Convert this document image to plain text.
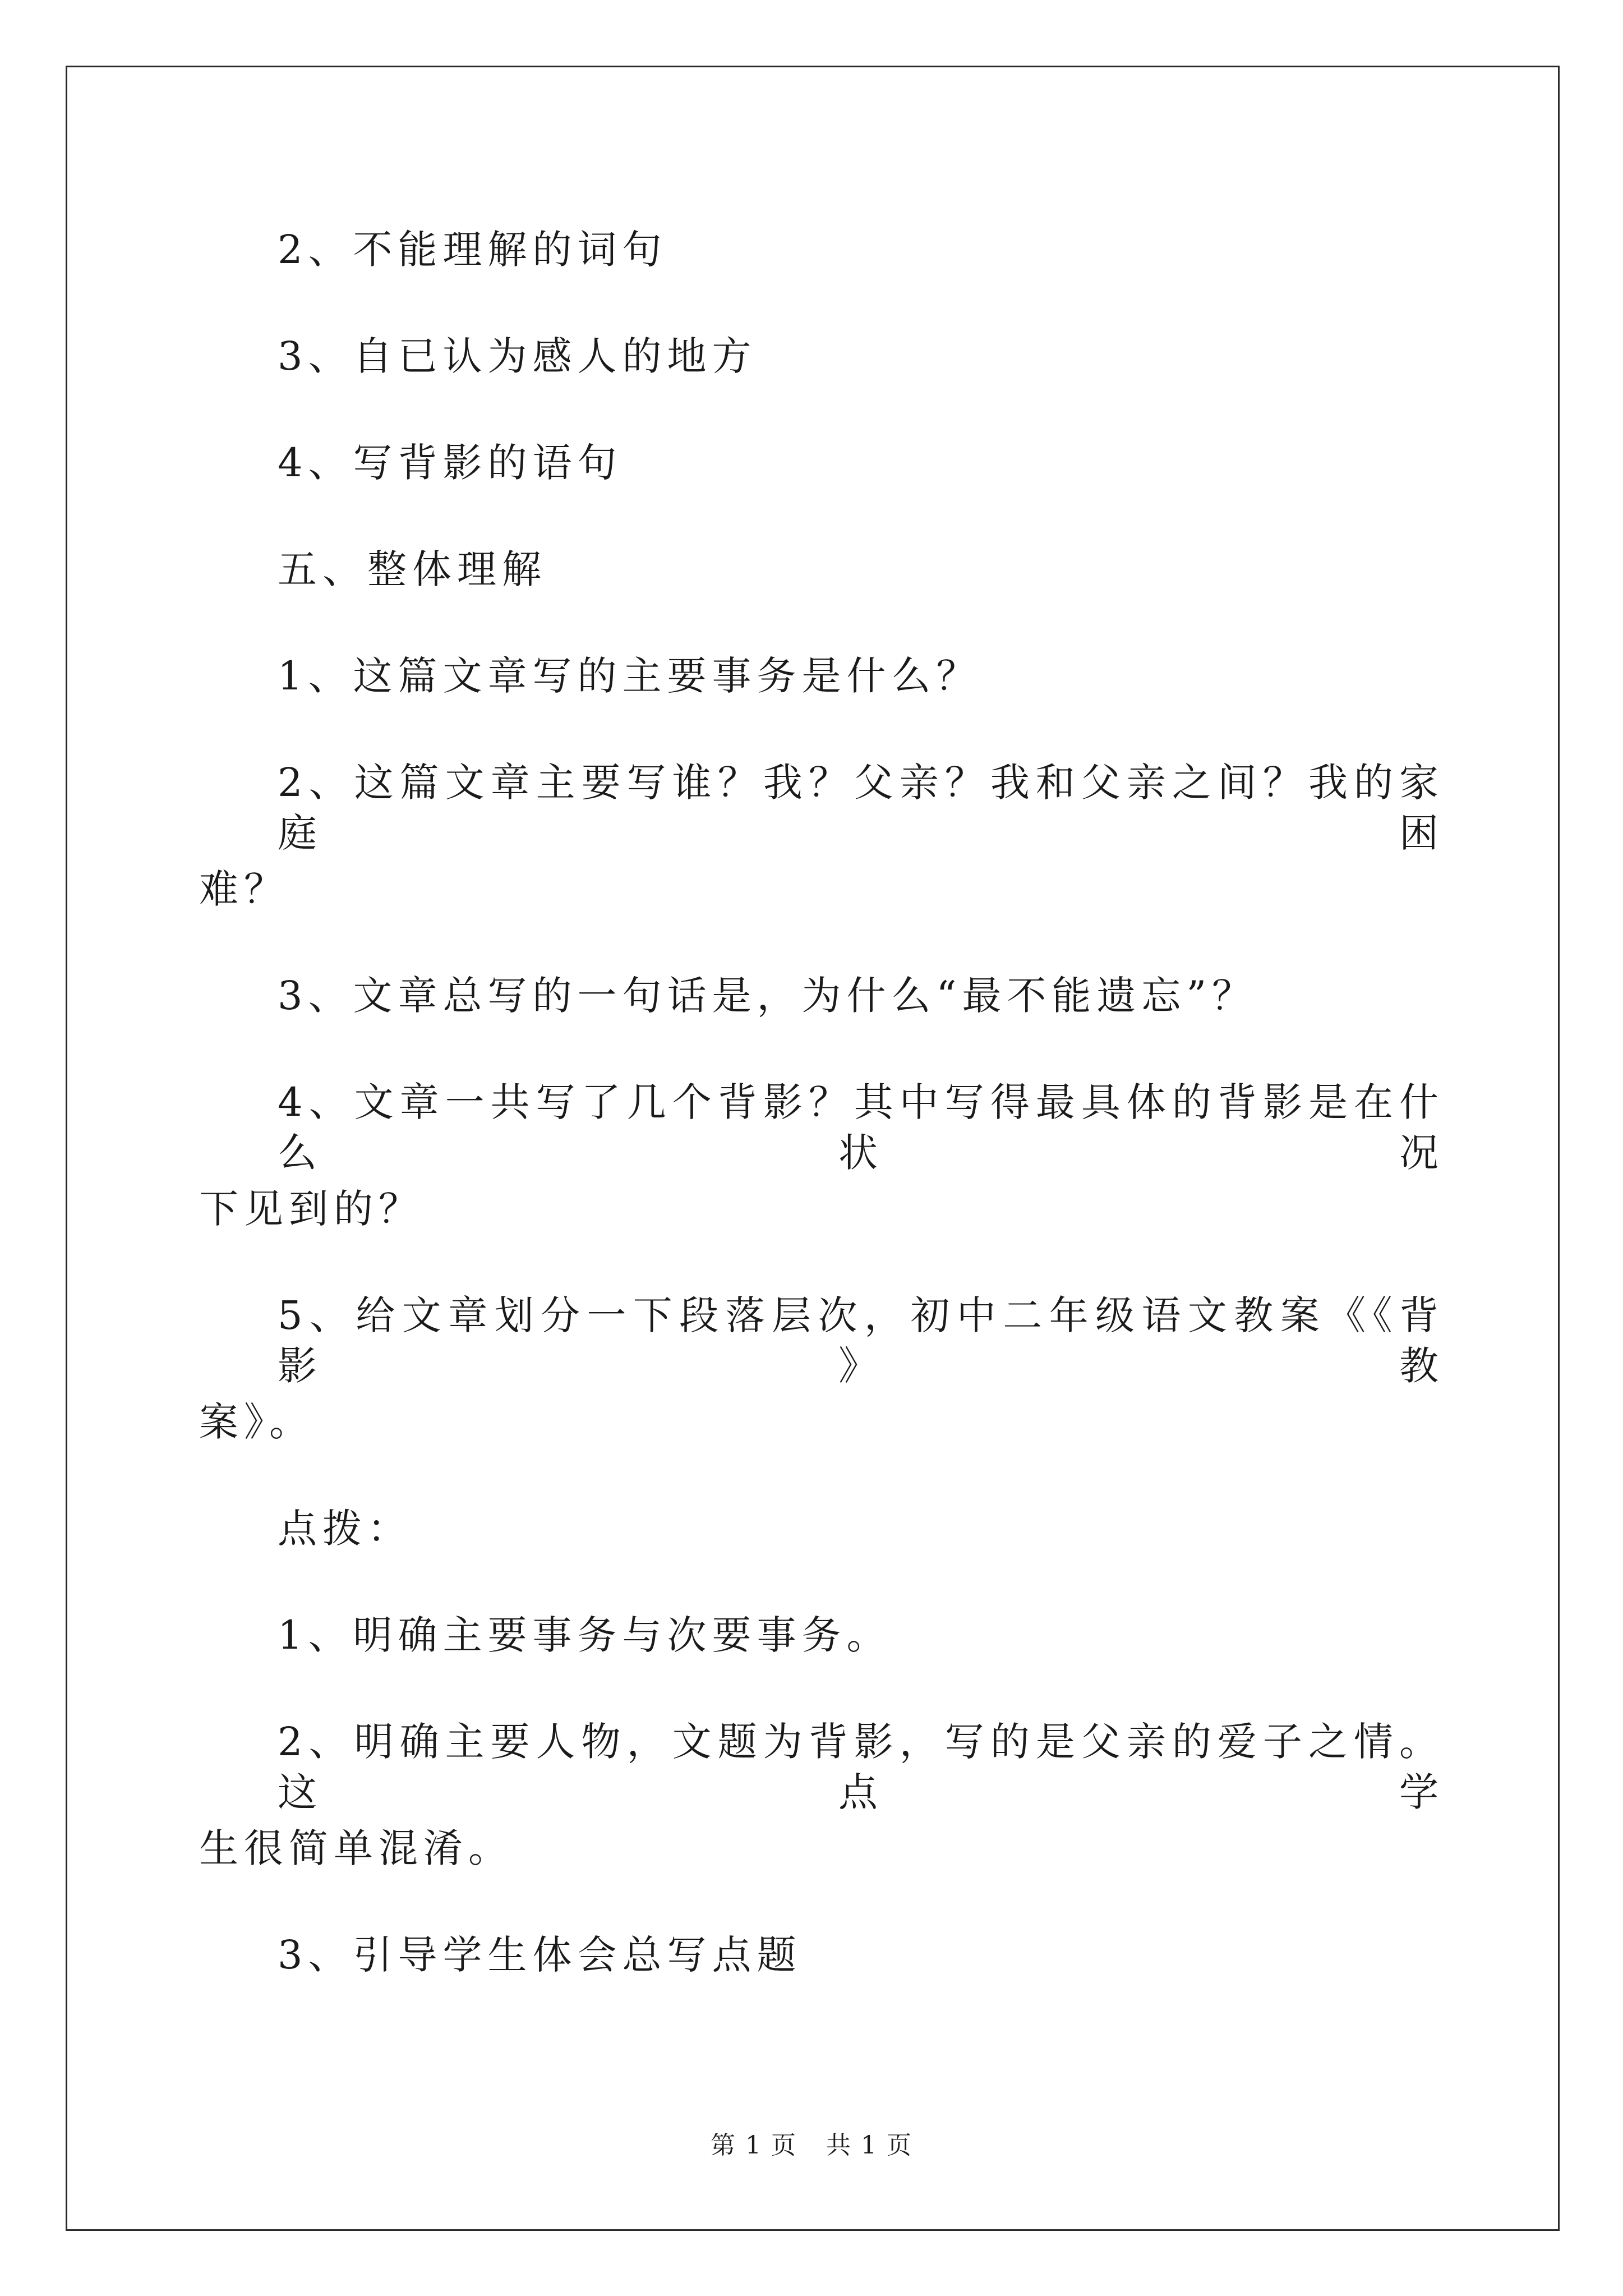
2、不能理解的词句

3、自已认为感人的地方

4、写背影的语句

五、整体理解

1、这篇文章写的主要事务是什么？

2、这篇文章主要写谁？我？父亲？我和父亲之间？我的家庭困

难？

3、文章总写的一句话是，为什么“最不能遗忘”？

4、文章一共写了几个背影？其中写得最具体的背影是在什么状况

下见到的？

5、给文章划分一下段落层次，初中二年级语文教案《《背影》教

案》。

点拨：

1、明确主要事务与次要事务。

2、明确主要人物，文题为背影，写的是父亲的爱子之情。这点学

生很简单混淆。

3、引导学生体会总写点题

第 1 页 共 1 页
